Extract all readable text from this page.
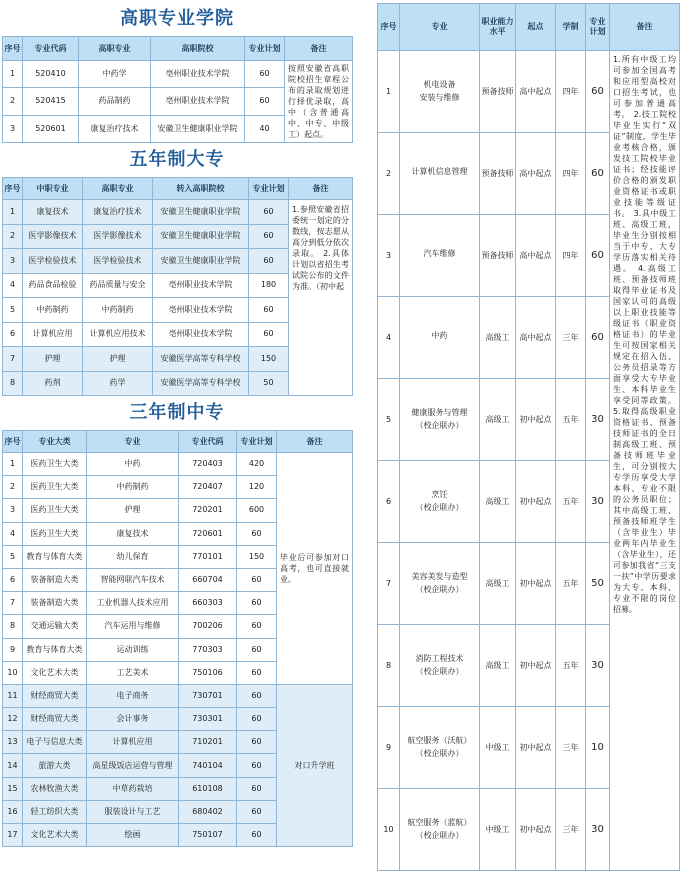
高职专业学院
序号	专业代码	高职专业	高职院校	专业计划	备注
1	520410	中药学	亳州职业技术学院	60	按照安徽省高职院校招生章程公布的录取规划进行择优录取，高中（含普通高中、中专、中级工）起点。
2	520415	药品制药	亳州职业技术学院	60	
3	520601	康复治疗技术	安徽卫生健康职业学院	40	
五年制大专
序号	中职专业	高职专业	转入高职院校	专业计划	备注
1	康复技术	康复治疗技术	安徽卫生健康职业学院	60	1.参照安徽省招委统一划定的分数线，按志愿从高分到低分依次录取。 2.具体计划以省招生考试院公布的文件为准。（初中起
2	医学影像技术	医学影像技术	安徽卫生健康职业学院	60	
3	医学检验技术	医学检验技术	安徽卫生健康职业学院	60	
4	药品食品检验	药品质量与安全	亳州职业技术学院	180	
5	中药制药	中药制药	亳州职业技术学院	60	
6	计算机应用	计算机应用技术	亳州职业技术学院	60	
7	护理	护理	安徽医学高等专科学校	150	
8	药剂	药学	安徽医学高等专科学校	50	
三年制中专
序号	专业大类	专业	专业代码	专业计划	备注
1	医药卫生大类	中药	720403	420	毕业后可参加对口高考，也可直接就业。
2	医药卫生大类	中药制药	720407	120	
3	医药卫生大类	护理	720201	600	
4	医药卫生大类	康复技术	720601	60	
5	教育与体育大类	幼儿保育	770101	150	
6	装备制造大类	智能网联汽车技术	660704	60	
7	装备制造大类	工业机器人技术应用	660303	60	
8	交通运输大类	汽车运用与维修	700206	60	
9	教育与体育大类	运动训练	770303	60	
10	文化艺术大类	工艺美术	750106	60	
11	财经商贸大类	电子商务	730701	60	对口升学班
12	财经商贸大类	会计事务	730301	60	
13	电子与信息大类	计算机应用	710201	60	
14	旅游大类	高星级饭店运营与管理	740104	60	
15	农林牧渔大类	中草药栽培	610108	60	
16	轻工纺织大类	服装设计与工艺	680402	60	
17	文化艺术大类	绘画	750107	60	
序号	专业	职业能力水平	起点	学制	专业计划	备注
1	机电设备
安装与维修	预备技师	高中起点	四年	60	1.所有中级工均可参加全国高考和应用型高校对口招生考试，也可参加普通高考。 2.技工院校毕业生实行“双证”制度，学生毕业考核合格，颁发技工院校毕业证书；经技能评价合格的颁发职业资格证书或职业技能等级证书。 3.具中级工班、高级工班，毕业生分别按相当于中专、大专学历落实相关待遇。 4.高级工班、预备技师班取得毕业证书及国家认可的高级以上职业技能等级证书（职业资格证书）的毕业生可按国家相关规定在招入伍、公务员招录等方面享受大专毕业生、本科毕业生享受同等政策。 5.取得高级职业资格证书、预备技师证书的全日制高级工班、预备技师班毕业生，可分别按大专学历享受大学本科、专业不限的公务员职位；其中高级工班、预备技师班学生（含毕业生）毕业两年内毕业生（含毕业生），还可参加我省“三支一扶”中学历要求为大专、本科、专业不限的岗位招募。
2	计算机信息管理	预备技师	高中起点	四年	60	
3	汽车维修	预备技师	高中起点	四年	60	
4	中药	高级工	高中起点	三年	60	
5	健康服务与管理
（校企联办）	高级工	初中起点	五年	30	
6	烹饪
（校企联办）	高级工	初中起点	五年	30	
7	美容美发与造型
（校企联办）	高级工	初中起点	五年	50	
8	消防工程技术
（校企联办）	高级工	初中起点	五年	30	
9	航空服务（沃航）
（校企联办）	中级工	初中起点	三年	10	
10	航空服务（蓝航）
（校企联办）	中级工	初中起点	三年	30	
